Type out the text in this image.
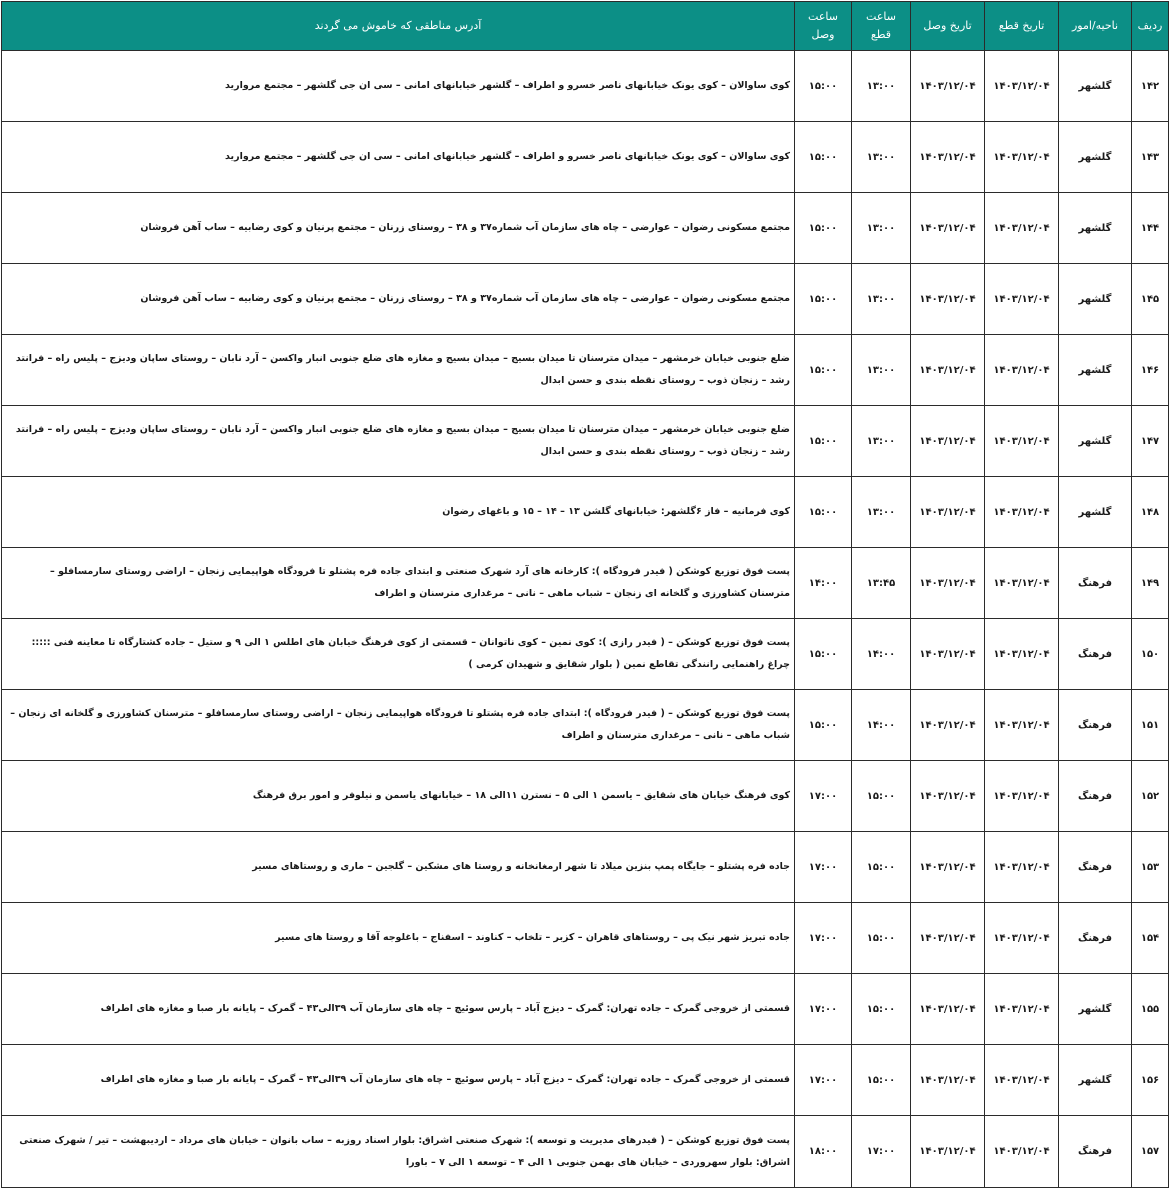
ردیف	ناحیه/امور	تاریخ قطع	تاریخ وصل	ساعت قطع	ساعت وصل	آدرس مناطقی که خاموش می گردند
۱۴۲	گلشهر	۱۴۰۳/۱۲/۰۴	۱۴۰۳/۱۲/۰۴	۱۳:۰۰	۱۵:۰۰	کوی ساوالان – کوی یونک خیابانهای ناصر خسرو و اطراف – گلشهر خیابانهای امانی – سی ان جی گلشهر – مجتمع مروارید
۱۴۳	گلشهر	۱۴۰۳/۱۲/۰۴	۱۴۰۳/۱۲/۰۴	۱۳:۰۰	۱۵:۰۰	کوی ساوالان – کوی یونک خیابانهای ناصر خسرو و اطراف – گلشهر خیابانهای امانی – سی ان جی گلشهر – مجتمع مروارید
۱۴۴	گلشهر	۱۴۰۳/۱۲/۰۴	۱۴۰۳/۱۲/۰۴	۱۳:۰۰	۱۵:۰۰	مجتمع مسکونی رضوان – عوارضی – چاه های سازمان آب شماره۳۷ و ۳۸ – روستای زرنان – مجتمع پرنیان و کوی رضابیه – ساب آهن فروشان
۱۴۵	گلشهر	۱۴۰۳/۱۲/۰۴	۱۴۰۳/۱۲/۰۴	۱۳:۰۰	۱۵:۰۰	مجتمع مسکونی رضوان – عوارضی – چاه های سازمان آب شماره۳۷ و ۳۸ – روستای زرنان – مجتمع پرنیان و کوی رضابیه – ساب آهن فروشان
۱۴۶	گلشهر	۱۴۰۳/۱۲/۰۴	۱۴۰۳/۱۲/۰۴	۱۳:۰۰	۱۵:۰۰	ضلع جنوبی خیابان خرمشهر – میدان مترسنان تا میدان بسیج – میدان بسیج و مغازه های ضلع جنوبی انبار واکسن – آرد نابان – روستای ساپان ودیزج – پلیس راه – فرانتد رشد – زنجان ذوب – روستای نقطه بندی و حسن ابدال
۱۴۷	گلشهر	۱۴۰۳/۱۲/۰۴	۱۴۰۳/۱۲/۰۴	۱۳:۰۰	۱۵:۰۰	ضلع جنوبی خیابان خرمشهر – میدان مترسنان تا میدان بسیج – میدان بسیج و مغازه های ضلع جنوبی انبار واکسن – آرد نابان – روستای ساپان ودیزج – پلیس راه – فرانتد رشد – زنجان ذوب – روستای نقطه بندی و حسن ابدال
۱۴۸	گلشهر	۱۴۰۳/۱۲/۰۴	۱۴۰۳/۱۲/۰۴	۱۳:۰۰	۱۵:۰۰	کوی فرمانیه – فاز ۶گلشهر: خیابانهای گلشن ۱۳ – ۱۴ – ۱۵ و باغهای رضوان
۱۴۹	فرهنگ	۱۴۰۳/۱۲/۰۴	۱۴۰۳/۱۲/۰۴	۱۳:۴۵	۱۴:۰۰	پست فوق توزیع کوشکن ( فیدر فرودگاه ): کارخانه های آرد شهرک صنعتی و ابتدای جاده فره پشتلو تا فرودگاه هواپیمایی زنجان – اراضی روستای سارمسافلو – مترسنان کشاورزی و گلخانه ای زنجان – شباب ماهی – نانی – مرغداری مترسنان و اطراف
۱۵۰	فرهنگ	۱۴۰۳/۱۲/۰۴	۱۴۰۳/۱۲/۰۴	۱۴:۰۰	۱۵:۰۰	پست فوق توزیع کوشکن – ( فیدر رازی ): کوی نمین – کوی ناتوانان – قسمتی از کوی فرهنگ خیابان های اطلس ۱ الی ۹ و ستیل – جاده کشتارگاه تا معاینه فنی ::::: چراغ راهنمایی رانندگی تقاطع نمین ( بلوار شقایق و شهیدان کرمی )
۱۵۱	فرهنگ	۱۴۰۳/۱۲/۰۴	۱۴۰۳/۱۲/۰۴	۱۴:۰۰	۱۵:۰۰	پست فوق توزیع کوشکن – ( فیدر فرودگاه ): ابتدای جاده فره پشتلو تا فرودگاه هواپیمایی زنجان – اراضی روستای سارمسافلو – مترسنان کشاورزی و گلخانه ای زنجان – شباب ماهی – نانی – مرغداری مترسنان و اطراف
۱۵۲	فرهنگ	۱۴۰۳/۱۲/۰۴	۱۴۰۳/۱۲/۰۴	۱۵:۰۰	۱۷:۰۰	کوی فرهنگ خیابان های شقایق – یاسمن ۱ الی ۵ – نسترن ۱۱الی ۱۸ – خیابانهای یاسمن و نیلوفر و امور برق فرهنگ
۱۵۳	فرهنگ	۱۴۰۳/۱۲/۰۴	۱۴۰۳/۱۲/۰۴	۱۵:۰۰	۱۷:۰۰	جاده فره پشتلو – جایگاه پمپ بنزین میلاد تا شهر ارمغانخانه و روستا های مشکین – گلجین – ماری و روستاهای مسیر
۱۵۴	فرهنگ	۱۴۰۳/۱۲/۰۴	۱۴۰۳/۱۲/۰۴	۱۵:۰۰	۱۷:۰۰	جاده تبریز شهر نیک پی – روستاهای قاهران – کزبر – تلخاب – کناوند – اسفناج – باغلوجه آقا و روستا های مسیر
۱۵۵	گلشهر	۱۴۰۳/۱۲/۰۴	۱۴۰۳/۱۲/۰۴	۱۵:۰۰	۱۷:۰۰	قسمتی از خروجی گمرک – جاده تهران: گمرک – دیزج آباد – پارس سوئیچ – چاه های سازمان آب ۳۹الی۴۳ – گمرک – پایانه بار صبا و مغازه های اطراف
۱۵۶	گلشهر	۱۴۰۳/۱۲/۰۴	۱۴۰۳/۱۲/۰۴	۱۵:۰۰	۱۷:۰۰	قسمتی از خروجی گمرک – جاده تهران: گمرک – دیزج آباد – پارس سوئیچ – چاه های سازمان آب ۳۹الی۴۳ – گمرک – پایانه بار صبا و مغازه های اطراف
۱۵۷	فرهنگ	۱۴۰۳/۱۲/۰۴	۱۴۰۳/۱۲/۰۴	۱۷:۰۰	۱۸:۰۰	پست فوق توزیع کوشکن – ( فیدرهای مدیریت و توسعه ): شهرک صنعتی اشراق: بلوار اسناد روزبه – ساب بانوان – خیابان های مرداد – اردیبهشت – تیر / شهرک صنعتی اشراق: بلوار سهروردی – خیابان های بهمن جنوبی ۱ الی ۴ – توسعه ۱ الی ۷ – باورا
